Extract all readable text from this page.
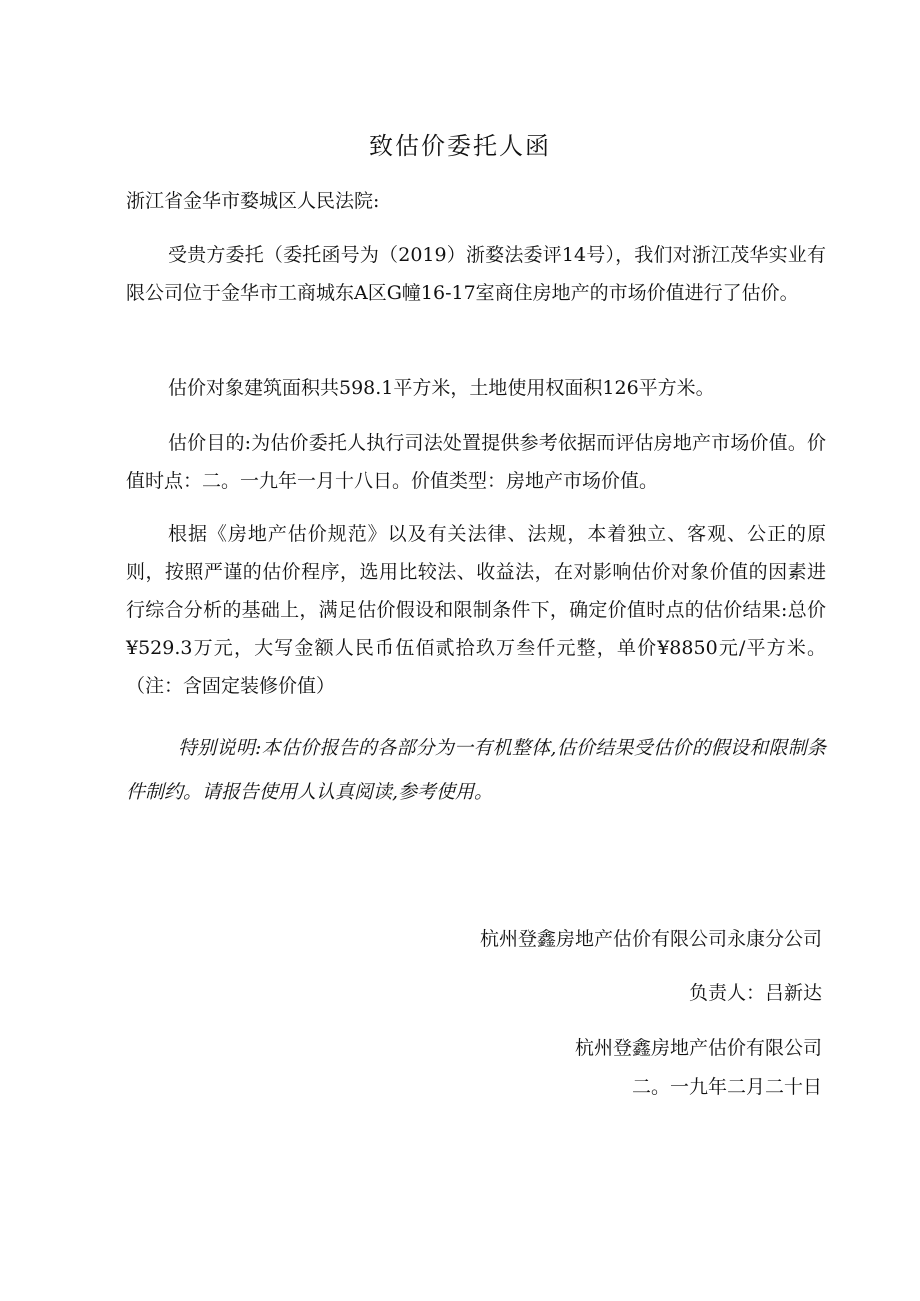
致估价委托人函
浙江省金华市婺城区人民法院:
受贵方委托（委托函号为（2019）浙婺法委评14号），我们对浙江茂华实业有限公司位于金华市工商城东A区G幢16-17室商住房地产的市场价值进行了估价。
估价对象建筑面积共598.1平方米，土地使用权面积126平方米。
估价目的:为估价委托人执行司法处置提供参考依据而评估房地产市场价值。价值时点：二。一九年一月十八日。价值类型：房地产市场价值。
根据《房地产估价规范》以及有关法律、法规，本着独立、客观、公正的原则，按照严谨的估价程序，选用比较法、收益法，在对影响估价对象价值的因素进行综合分析的基础上，满足估价假设和限制条件下，确定价值时点的估价结果:总价¥529.3万元，大写金额人民币伍佰贰拾玖万叁仟元整，单价¥8850元/平方米。（注：含固定装修价值）
特别说明:本估价报告的各部分为一有机整体,估价结果受估价的假设和限制条件制约。请报告使用人认真阅读,参考使用。
杭州登鑫房地产估价有限公司永康分公司
负责人：吕新达
杭州登鑫房地产估价有限公司
二。一九年二月二十日
